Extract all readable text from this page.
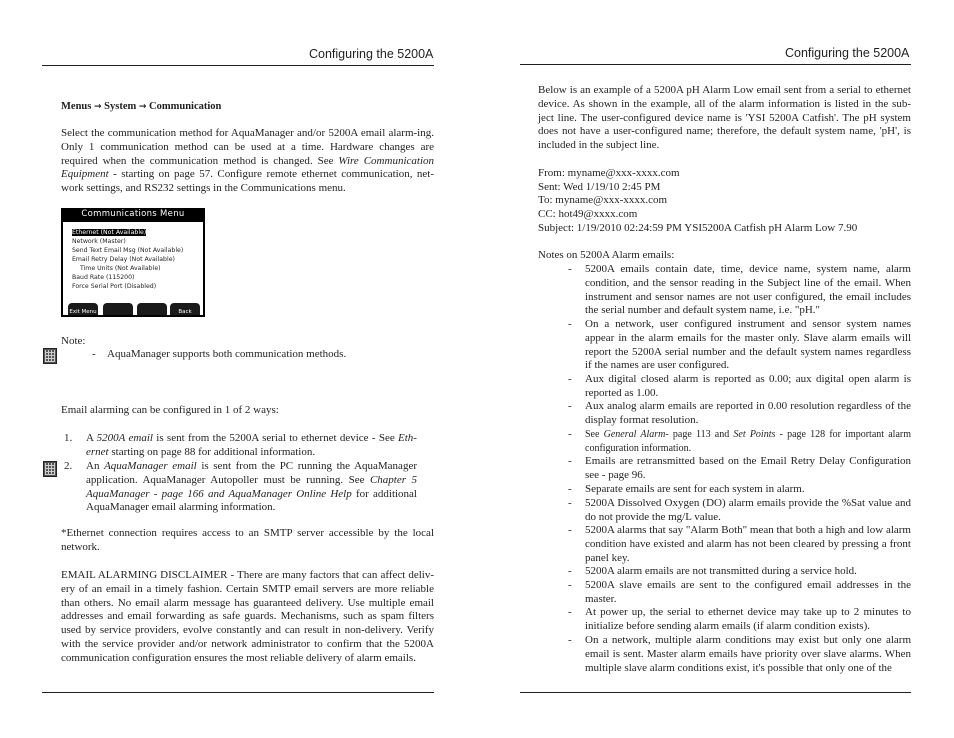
Configuring the 5200A
Menus → System → Communication
Select the communication method for AquaManager and/or 5200A email alarm-ing. Only 1 communication method can be used at a time. Hardware changes are required when the communication method is changed. See Wire Communication Equipment - starting on page 57. Configure remote ethernet communication, net-work settings, and RS232 settings in the Communications menu.
Communications Menu
Ethernet (Not Available)
Network (Master)
Send Text Email Msg (Not Available)
Email Retry Delay (Not Available)
Time Units (Not Available)
Baud Rate (115200)
Force Serial Port (Disabled)
Exit Menu	Back
Note:
- AquaManager supports both communication methods.
Email alarming can be configured in 1 of 2 ways:
1. A 5200A email is sent from the 5200A serial to ethernet device - See Eth-ernet starting on page 88 for additional information.
2. An AquaManager email is sent from the PC running the AquaManager application. AquaManager Autopoller must be running. See Chapter 5 AquaManager - page 166 and AquaManager Online Help for additional AquaManager email alarming information.
*Ethernet connection requires access to an SMTP server accessible by the local network.
EMAIL ALARMING DISCLAIMER - There are many factors that can affect deliv-ery of an email in a timely fashion. Certain SMTP email servers are more reliable than others. No email alarm message has guaranteed delivery. Use multiple email addresses and email forwarding as safe guards. Mechanisms, such as spam filters used by service providers, evolve constantly and can result in non-delivery. Verify with the service provider and/or network administrator to confirm that the 5200A communication configuration ensures the most reliable delivery of alarm emails.
Configuring the 5200A
Below is an example of a 5200A pH Alarm Low email sent from a serial to ethernet device. As shown in the example, all of the alarm information is listed in the sub-ject line. The user-configured device name is 'YSI 5200A Catfish'. The pH system does not have a user-configured name; therefore, the default system name, 'pH', is included in the subject line.
From: myname@xxx-xxxx.com
Sent: Wed 1/19/10 2:45 PM
To: myname@xxx-xxxx.com
CC: hot49@xxxx.com
Subject: 1/19/2010 02:24:59 PM YSI5200A Catfish pH Alarm Low 7.90
Notes on 5200A Alarm emails:
- 5200A emails contain date, time, device name, system name, alarm condition, and the sensor reading in the Subject line of the email. When instrument and sensor names are not user configured, the email includes the serial number and default system name, i.e. "pH."
- On a network, user configured instrument and sensor system names appear in the alarm emails for the master only. Slave alarm emails will report the 5200A serial number and the default system names regardless if the names are user configured.
- Aux digital closed alarm is reported as 0.00; aux digital open alarm is reported as 1.00.
- Aux analog alarm emails are reported in 0.00 resolution regardless of the display format resolution.
- See General Alarm- page 113 and Set Points - page 128 for important alarm configuration information.
- Emails are retransmitted based on the Email Retry Delay Configuration see - page 96.
- Separate emails are sent for each system in alarm.
- 5200A Dissolved Oxygen (DO) alarm emails provide the %Sat value and do not provide the mg/L value.
- 5200A alarms that say "Alarm Both" mean that both a high and low alarm condition have existed and alarm has not been cleared by pressing a front panel key.
- 5200A alarm emails are not transmitted during a service hold.
- 5200A slave emails are sent to the configured email addresses in the master.
- At power up, the serial to ethernet device may take up to 2 minutes to initialize before sending alarm emails (if alarm condition exists).
- On a network, multiple alarm conditions may exist but only one alarm email is sent. Master alarm emails have priority over slave alarms. When multiple slave alarm conditions exist, it's possible that only one of the
